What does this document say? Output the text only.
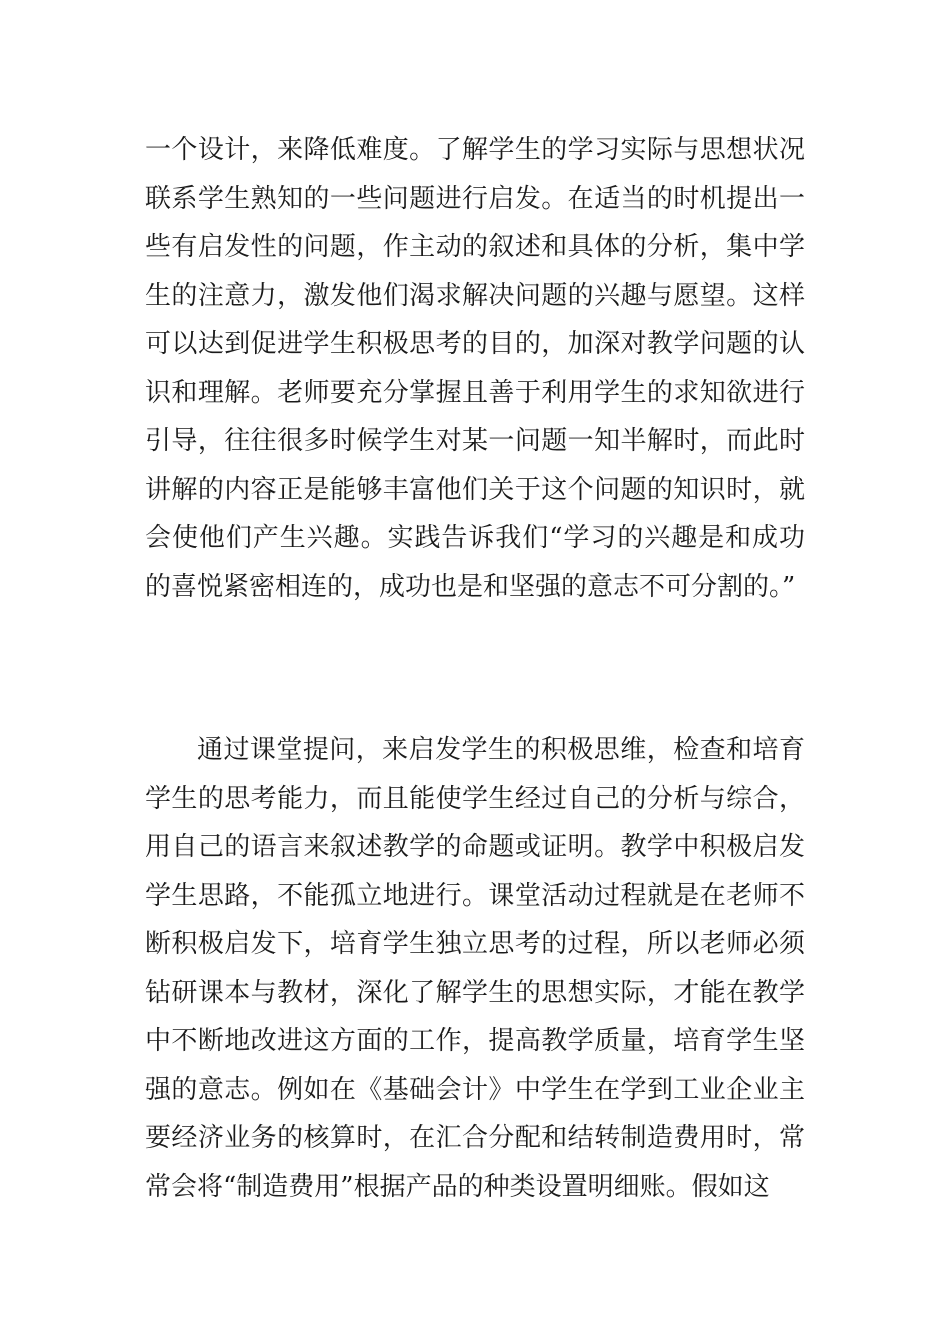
一个设计，来降低难度。了解学生的学习实际与思想状况联系学生熟知的一些问题进行启发。在适当的时机提出一些有启发性的问题，作主动的叙述和具体的分析，集中学生的注意力，激发他们渴求解决问题的兴趣与愿望。这样可以达到促进学生积极思考的目的，加深对教学问题的认识和理解。老师要充分掌握且善于利用学生的求知欲进行引导，往往很多时候学生对某一问题一知半解时，而此时讲解的内容正是能够丰富他们关于这个问题的知识时，就会使他们产生兴趣。实践告诉我们“学习的兴趣是和成功的喜悦紧密相连的，成功也是和坚强的意志不可分割的。”

通过课堂提问，来启发学生的积极思维，检查和培育学生的思考能力，而且能使学生经过自己的分析与综合，用自己的语言来叙述教学的命题或证明。教学中积极启发学生思路，不能孤立地进行。课堂活动过程就是在老师不断积极启发下，培育学生独立思考的过程，所以老师必须钻研课本与教材，深化了解学生的思想实际，才能在教学中不断地改进这方面的工作，提高教学质量，培育学生坚强的意志。例如在《基础会计》中学生在学到工业企业主要经济业务的核算时，在汇合分配和结转制造费用时，常常会将“制造费用”根据产品的种类设置明细账。假如这
